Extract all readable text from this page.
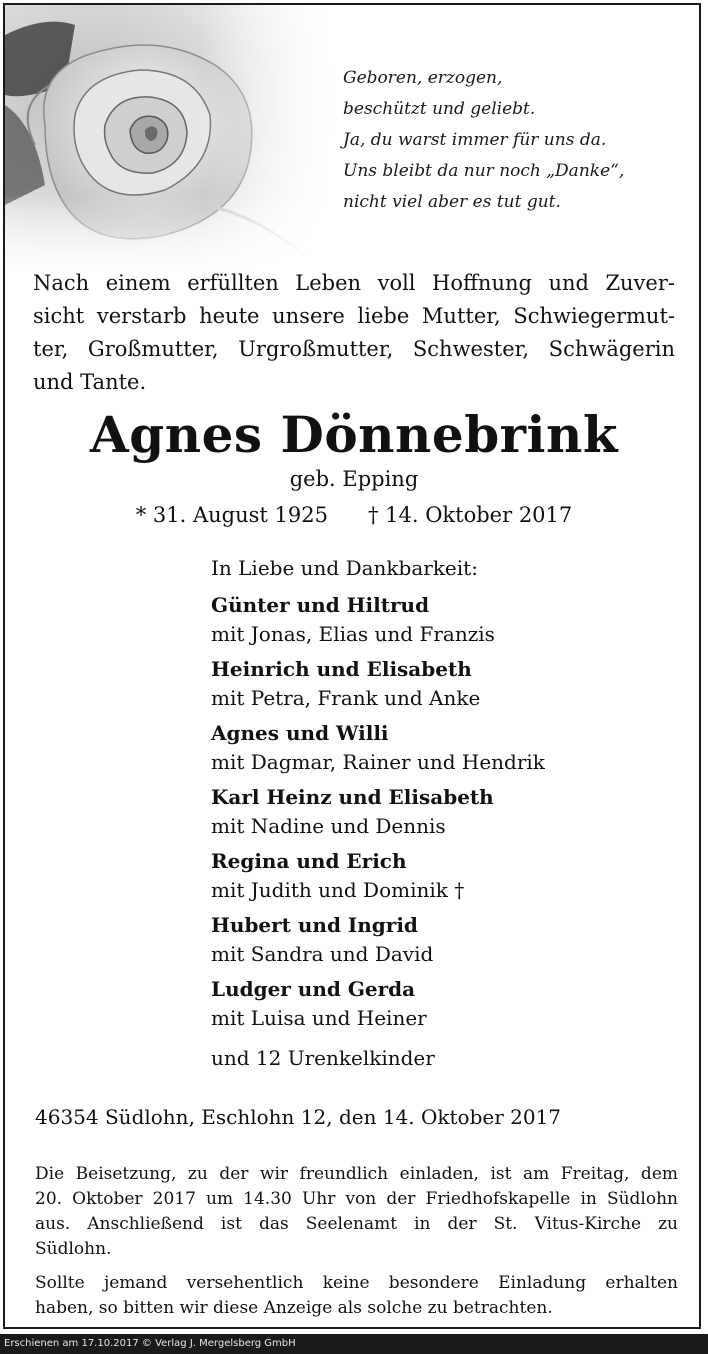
Geboren, erzogen,
beschützt und geliebt.
Ja, du warst immer für uns da.
Uns bleibt da nur noch „Danke“,
nicht viel aber es tut gut.
Nach einem erfüllten Leben voll Hoffnung und Zuver-
sicht verstarb heute unsere liebe Mutter, Schwiegermut-
ter, Großmutter, Urgroßmutter, Schwester, Schwägerin
und Tante.
Agnes Dönnebrink
geb. Epping
* 31. August 1925 † 14. Oktober 2017
In Liebe und Dankbarkeit:
Günter und Hiltrud
mit Jonas, Elias und Franzis
Heinrich und Elisabeth
mit Petra, Frank und Anke
Agnes und Willi
mit Dagmar, Rainer und Hendrik
Karl Heinz und Elisabeth
mit Nadine und Dennis
Regina und Erich
mit Judith und Dominik †
Hubert und Ingrid
mit Sandra und David
Ludger und Gerda
mit Luisa und Heiner
und 12 Urenkelkinder
46354 Südlohn, Eschlohn 12, den 14. Oktober 2017
Die Beisetzung, zu der wir freundlich einladen, ist am Freitag, dem
20. Oktober 2017 um 14.30 Uhr von der Friedhofskapelle in Südlohn
aus. Anschließend ist das Seelenamt in der St. Vitus-Kirche zu
Südlohn.
Sollte jemand versehentlich keine besondere Einladung erhalten
haben, so bitten wir diese Anzeige als solche zu betrachten.
Erschienen am 17.10.2017 © Verlag J. Mergelsberg GmbH
